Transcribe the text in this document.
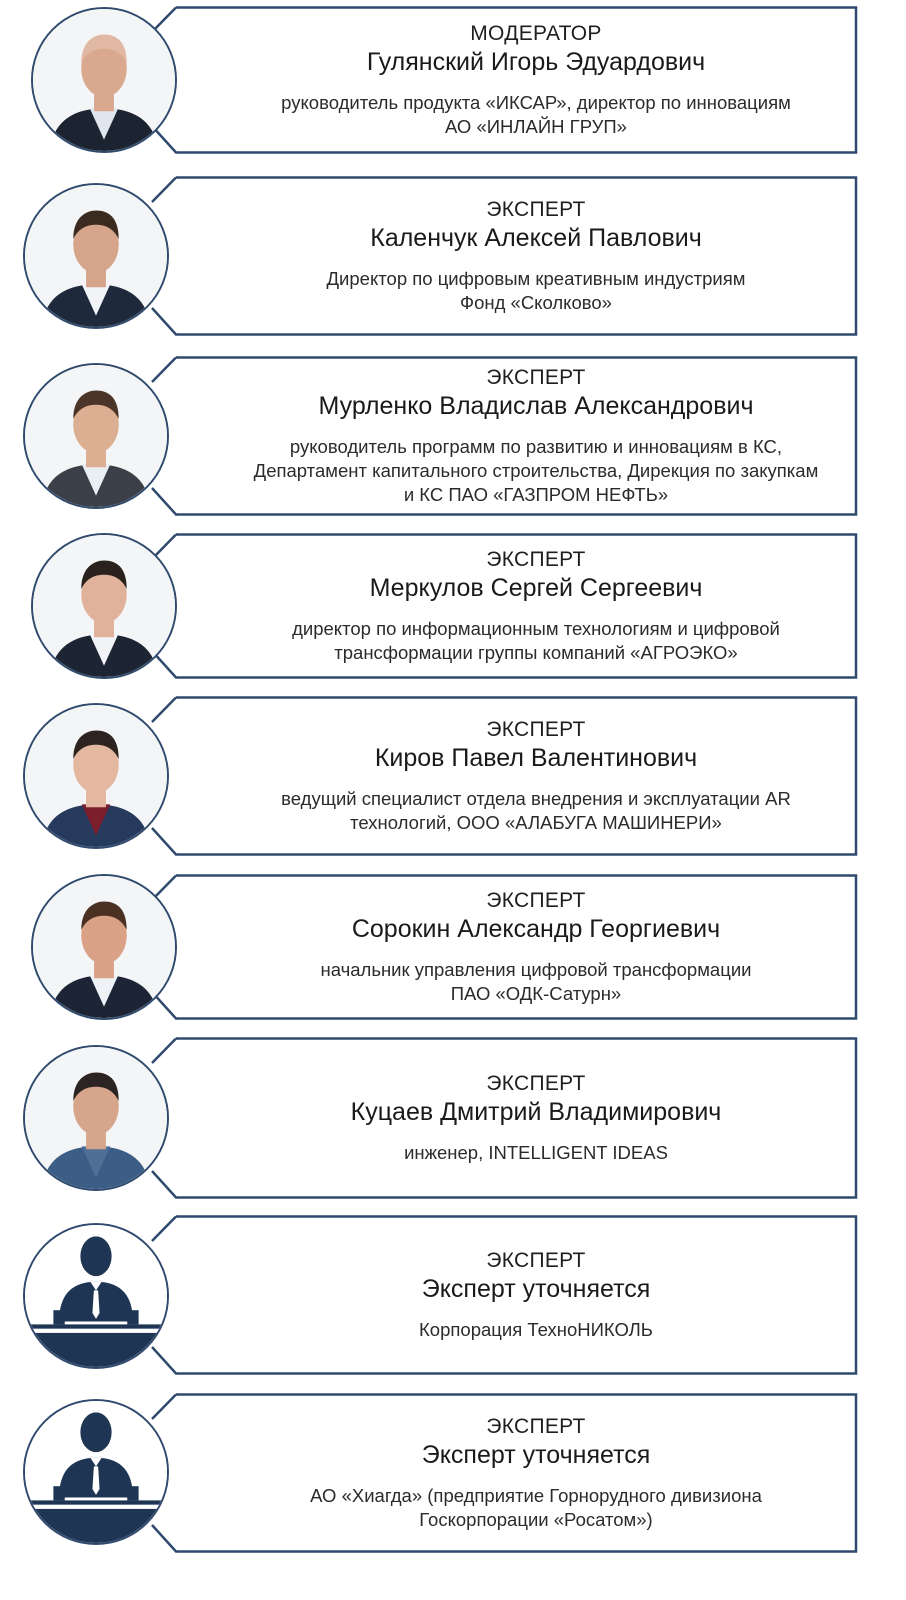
МОДЕРАТОР
Гулянский Игорь Эдуардович
руководитель продукта «ИКСАР», директор по инновациям
АО «ИНЛАЙН ГРУП»
ЭКСПЕРТ
Каленчук Алексей Павлович
Директор по цифровым креативным индустриям
Фонд «Сколково»
ЭКСПЕРТ
Мурленко Владислав Александрович
руководитель программ по развитию и инновациям в КС,
Департамент капитального строительства, Дирекция по закупкам
и КС ПАО «ГАЗПРОМ НЕФТЬ»
ЭКСПЕРТ
Меркулов Сергей Сергеевич
директор по информационным технологиям и цифровой
трансформации группы компаний «АГРОЭКО»
ЭКСПЕРТ
Киров Павел Валентинович
ведущий специалист отдела внедрения и эксплуатации AR
технологий, ООО «АЛАБУГА МАШИНЕРИ»
ЭКСПЕРТ
Сорокин Александр Георгиевич
начальник управления цифровой трансформации
ПАО «ОДК-Сатурн»
ЭКСПЕРТ
Куцаев Дмитрий Владимирович
инженер, INTELLIGENT IDEAS
ЭКСПЕРТ
Эксперт уточняется
Корпорация ТехноНИКОЛЬ
ЭКСПЕРТ
Эксперт уточняется
АО «Хиагда» (предприятие Горнорудного дивизиона
Госкорпорации «Росатом»)
